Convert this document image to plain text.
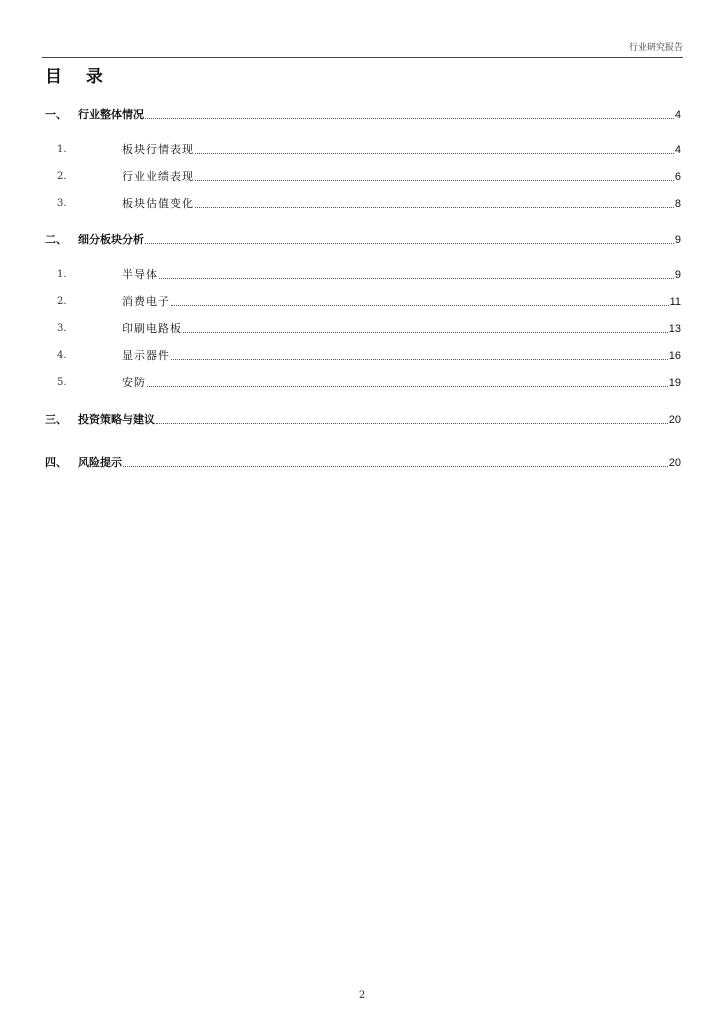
行业研究报告
目 录
一、	行业整体情况	4
1.	板块行情表现	4
2.	行业业绩表现	6
3.	板块估值变化	8
二、	细分板块分析	9
1.	半导体	9
2.	消费电子	11
3.	印刷电路板	13
4.	显示器件	16
5.	安防	19
三、	投资策略与建议	20
四、	风险提示	20
2
